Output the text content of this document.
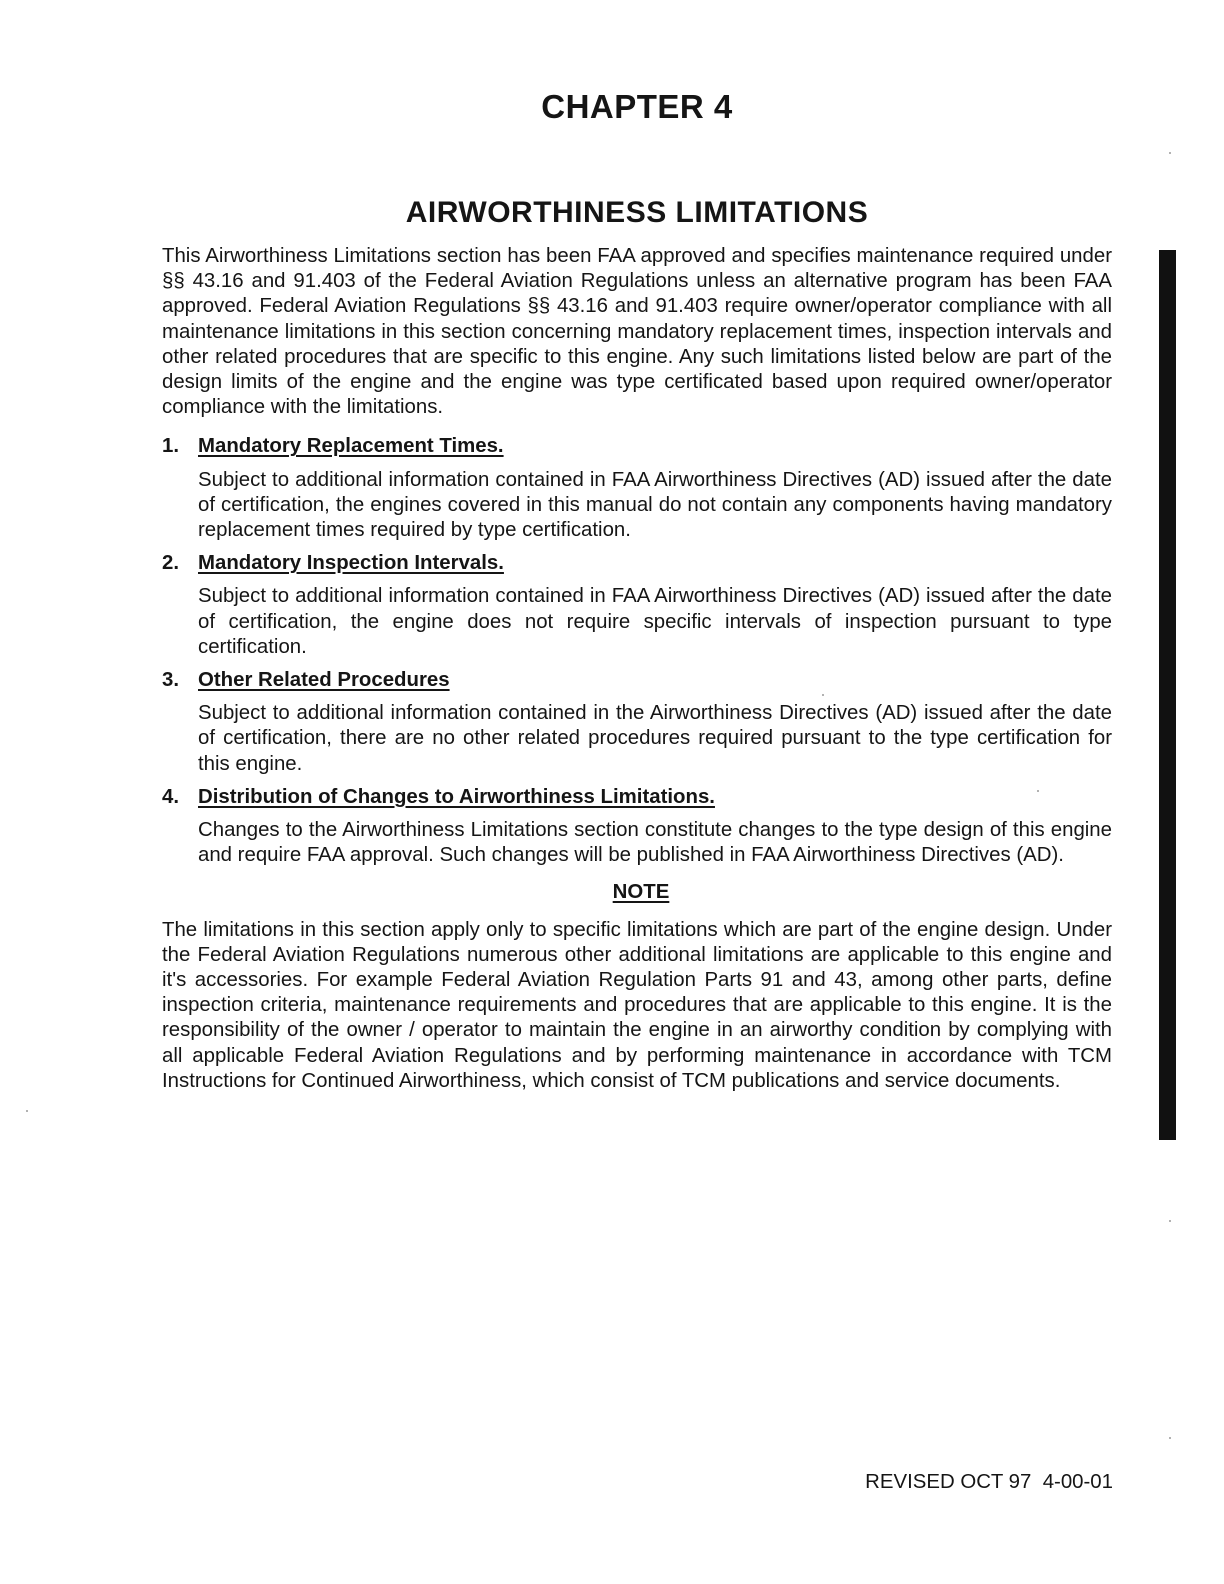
CHAPTER 4
AIRWORTHINESS LIMITATIONS

This Airworthiness Limitations section has been FAA approved and specifies maintenance required under §§ 43.16 and 91.403 of the Federal Aviation Regulations unless an alternative program has been FAA approved. Federal Aviation Regulations §§ 43.16 and 91.403 require owner/operator compliance with all maintenance limitations in this section concerning mandatory replacement times, inspection intervals and other related procedures that are specific to this engine. Any such limitations listed below are part of the design limits of the engine and the engine was type certificated based upon required owner/operator compliance with the limitations.

1. Mandatory Replacement Times.

Subject to additional information contained in FAA Airworthiness Directives (AD) issued after the date of certification, the engines covered in this manual do not contain any components having mandatory replacement times required by type certification.

2. Mandatory Inspection Intervals.

Subject to additional information contained in FAA Airworthiness Directives (AD) issued after the date of certification, the engine does not require specific intervals of inspection pursuant to type certification.

3. Other Related Procedures

Subject to additional information contained in the Airworthiness Directives (AD) issued after the date of certification, there are no other related procedures required pursuant to the type certification for this engine.

4. Distribution of Changes to Airworthiness Limitations.

Changes to the Airworthiness Limitations section constitute changes to the type design of this engine and require FAA approval. Such changes will be published in FAA Airworthiness Directives (AD).

NOTE

The limitations in this section apply only to specific limitations which are part of the engine design. Under the Federal Aviation Regulations numerous other additional limitations are applicable to this engine and it's accessories. For example Federal Aviation Regulation Parts 91 and 43, among other parts, define inspection criteria, maintenance requirements and procedures that are applicable to this engine. It is the responsibility of the owner / operator to maintain the engine in an airworthy condition by complying with all applicable Federal Aviation Regulations and by performing maintenance in accordance with TCM Instructions for Continued Airworthiness, which consist of TCM publications and service documents.

REVISED OCT 97 4-00-01
